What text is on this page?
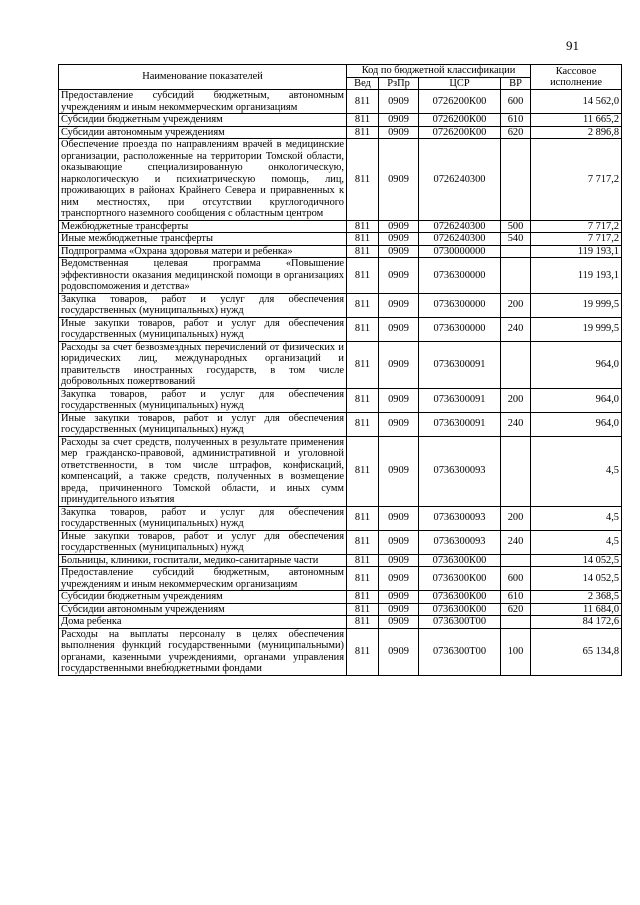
91
Наименование показателей	Код по бюджетной классификации				Кассовое исполнение
	Вед	РзПр	ЦСР	ВР	
Предоставление субсидий бюджетным, автономным учреждениям и иным некоммерческим организациям	811	0909	0726200К00	600	14 562,0
Субсидии бюджетным учреждениям	811	0909	0726200К00	610	11 665,2
Субсидии автономным учреждениям	811	0909	0726200К00	620	2 896,8
Обеспечение проезда по направлениям врачей в медицинские организации, расположенные на территории Томской области, оказывающие специализированную онкологическую, наркологическую и психиатрическую помощь, лиц, проживающих в районах Крайнего Севера и приравненных к ним местностях, при отсутствии круглогодичного транспортного наземного сообщения с областным центром	811	0909	0726240300		7 717,2
Межбюджетные трансферты	811	0909	0726240300	500	7 717,2
Иные межбюджетные трансферты	811	0909	0726240300	540	7 717,2
Подпрограмма «Охрана здоровья матери и ребенка»	811	0909	0730000000		119 193,1
Ведомственная целевая программа «Повышение эффективности оказания медицинской помощи в организациях родовспоможения и детства»	811	0909	0736300000		119 193,1
Закупка товаров, работ и услуг для обеспечения государственных (муниципальных) нужд	811	0909	0736300000	200	19 999,5
Иные закупки товаров, работ и услуг для обеспечения государственных (муниципальных) нужд	811	0909	0736300000	240	19 999,5
Расходы за счет безвозмездных перечислений от физических и юридических лиц, международных организаций и правительств иностранных государств, в том числе добровольных пожертвований	811	0909	0736300091		964,0
Закупка товаров, работ и услуг для обеспечения государственных (муниципальных) нужд	811	0909	0736300091	200	964,0
Иные закупки товаров, работ и услуг для обеспечения государственных (муниципальных) нужд	811	0909	0736300091	240	964,0
Расходы за счет средств, полученных в результате применения мер гражданско-правовой, административной и уголовной ответственности, в том числе штрафов, конфискаций, компенсаций, а также средств, полученных в возмещение вреда, причиненного Томской области, и иных сумм принудительного изъятия	811	0909	0736300093		4,5
Закупка товаров, работ и услуг для обеспечения государственных (муниципальных) нужд	811	0909	0736300093	200	4,5
Иные закупки товаров, работ и услуг для обеспечения государственных (муниципальных) нужд	811	0909	0736300093	240	4,5
Больницы, клиники, госпитали, медико-санитарные части	811	0909	0736300К00		14 052,5
Предоставление субсидий бюджетным, автономным учреждениям и иным некоммерческим организациям	811	0909	0736300К00	600	14 052,5
Субсидии бюджетным учреждениям	811	0909	0736300К00	610	2 368,5
Субсидии автономным учреждениям	811	0909	0736300К00	620	11 684,0
Дома ребенка	811	0909	0736300Т00		84 172,6
Расходы на выплаты персоналу в целях обеспечения выполнения функций государственными (муниципальными) органами, казенными учреждениями, органами управления государственными внебюджетными фондами	811	0909	0736300Т00	100	65 134,8
